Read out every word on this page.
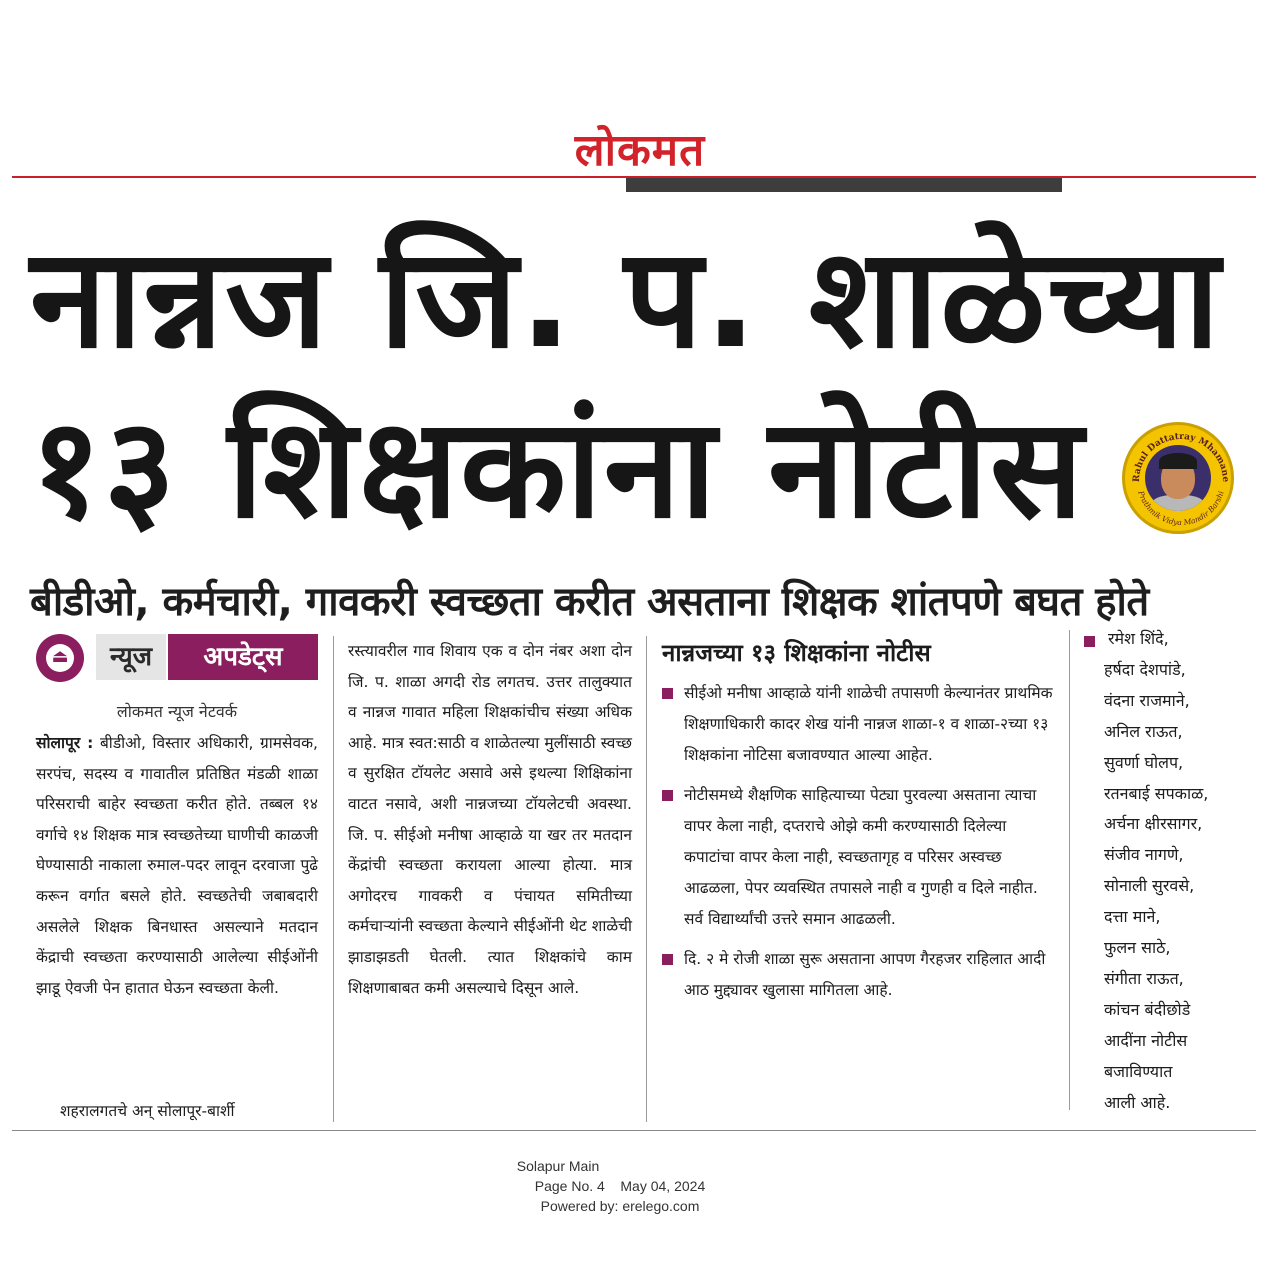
लोकमत
नान्नज जि. प. शाळेच्या
१३ शिक्षकांना नोटीस	Rahul Dattatray Mhamane
Prathmik Vidya Mandir Barshi
बीडीओ, कर्मचारी, गावकरी स्वच्छता करीत असताना शिक्षक शांतपणे बघत होते
⏏	न्यूज	अपडेट्स
लोकमत न्यूज नेटवर्क

सोलापूर : बीडीओ, विस्तार अधिकारी, ग्रामसेवक, सरपंच, सदस्य व गावातील प्रतिष्ठित मंडळी शाळा परिसराची बाहेर स्वच्छता करीत होते. तब्बल १४ वर्गाचे १४ शिक्षक मात्र स्वच्छतेच्या घाणीची काळजी घेण्यासाठी नाकाला रुमाल-पदर लावून दरवाजा पुढे करून वर्गात बसले होते. स्वच्छतेची जबाबदारी असलेले शिक्षक बिनधास्त असल्याने मतदान केंद्राची स्वच्छता करण्यासाठी आलेल्या सीईओंनी झाडू ऐवजी पेन हातात घेऊन स्वच्छता केली.

शहरालगतचे अन् सोलापूर-बार्शी

रस्त्यावरील गाव शिवाय एक व दोन नंबर अशा दोन जि. प. शाळा अगदी रोड लगतच. उत्तर तालुक्यात व नान्नज गावात महिला शिक्षकांचीच संख्या अधिक आहे. मात्र स्वत:साठी व शाळेतल्या मुलींसाठी स्वच्छ व सुरक्षित टॉयलेट असावे असे इथल्या शिक्षिकांना वाटत नसावे, अशी नान्नजच्या टॉयलेटची अवस्था. जि. प. सीईओ मनीषा आव्हाळे या खर तर मतदान केंद्रांची स्वच्छता करायला आल्या होत्या. मात्र अगोदरच गावकरी व पंचायत समितीच्या कर्मचाऱ्यांनी स्वच्छता केल्याने सीईओंनी थेट शाळेची झाडाझडती घेतली. त्यात शिक्षकांचे काम शिक्षणाबाबत कमी असल्याचे दिसून आले.

नान्नजच्या १३ शिक्षकांना नोटीस
सीईओ मनीषा आव्हाळे यांनी शाळेची तपासणी केल्यानंतर प्राथमिक शिक्षणाधिकारी कादर शेख यांनी नान्नज शाळा-१ व शाळा-२च्या १३ शिक्षकांना नोटिसा बजावण्यात आल्या आहेत.
नोटीसमध्ये शैक्षणिक साहित्याच्या पेट्या पुरवल्या असताना त्याचा वापर केला नाही, दप्तराचे ओझे कमी करण्यासाठी दिलेल्या कपाटांचा वापर केला नाही, स्वच्छतागृह व परिसर अस्वच्छ आढळला, पेपर व्यवस्थित तपासले नाही व गुणही व दिले नाहीत. सर्व विद्यार्थ्यांची उत्तरे समान आढळली.
दि. २ मे रोजी शाळा सुरू असताना आपण गैरहजर राहिलात आदी आठ मुद्द्यावर खुलासा मागितला आहे.
रमेश शिंदे,
हर्षदा देशपांडे,
वंदना राजमाने,
अनिल राऊत,
सुवर्णा घोलप,
रतनबाई सपकाळ,
अर्चना क्षीरसागर,
संजीव नागणे,
सोनाली सुरवसे,
दत्ता माने,
फुलन साठे,
संगीता राऊत,
कांचन बंदीछोडे
आदींना नोटीस
बजाविण्यात
आली आहे.
Solapur Main
Page No. 4 May 04, 2024
Powered by: erelego.com
